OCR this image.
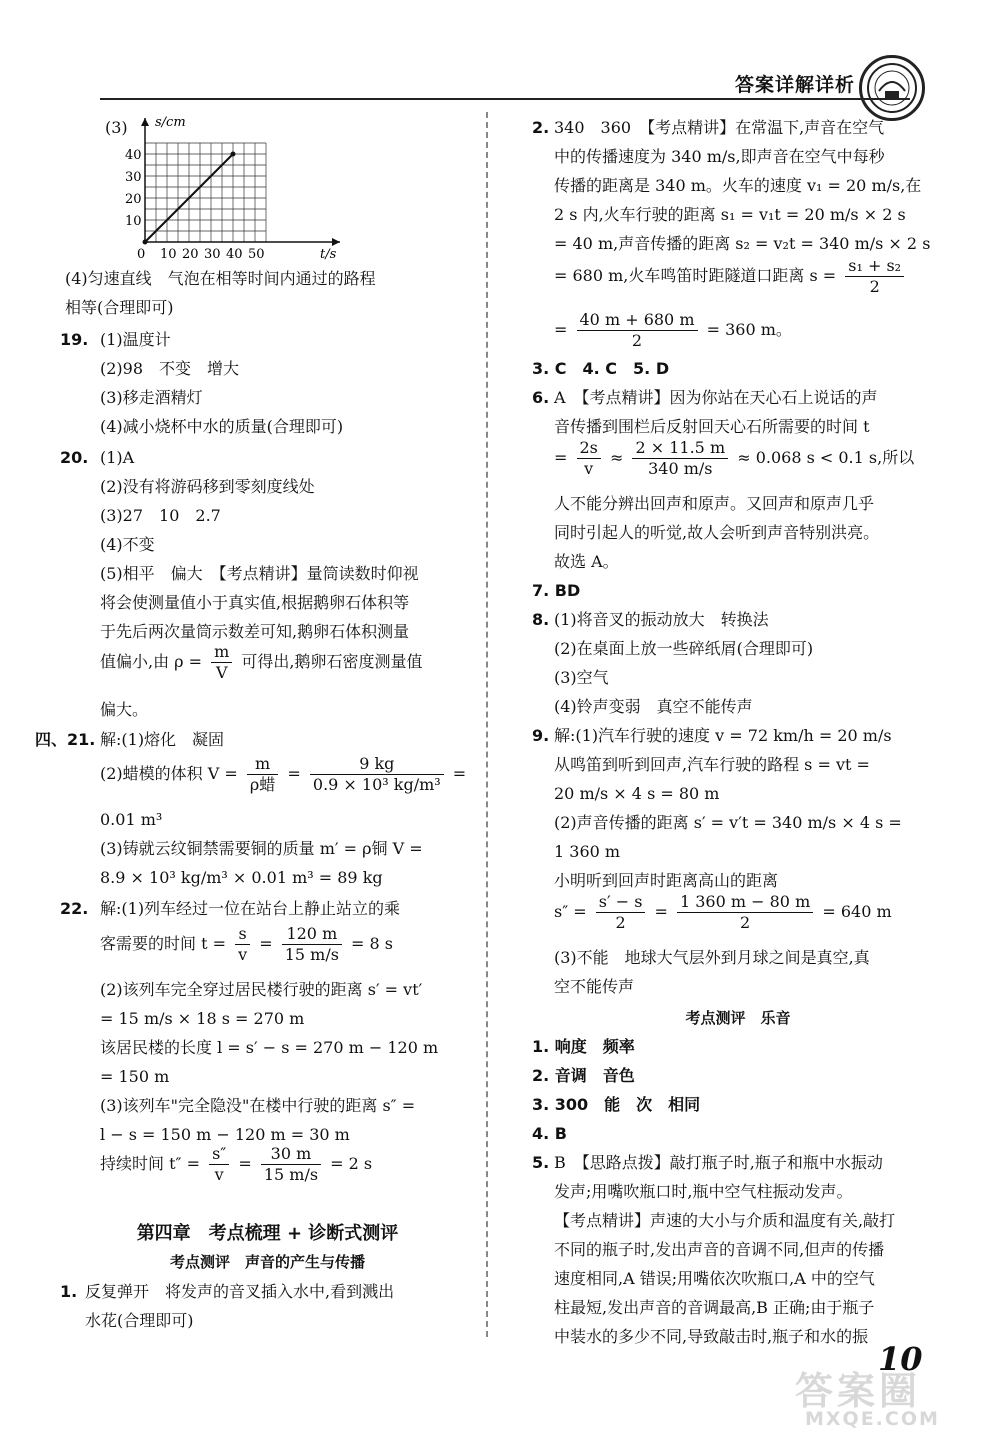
答案详解详析
(3) s/cm
t/s
0
40
30
20
10
10 20 30 40 50
(4)匀速直线　气泡在相等时间内通过的路程
相等(合理即可)
19. (1)温度计
(2)98　不变　增大
(3)移走酒精灯
(4)减小烧杯中水的质量(合理即可)
20. (1)A
(2)没有将游码移到零刻度线处
(3)27　10　2.7
(4)不变
(5)相平　偏大　【考点精讲】量筒读数时仰视
将会使测量值小于真实值,根据鹅卵石体积等
于先后两次量筒示数差可知,鹅卵石体积测量
值偏小,由 $\rho = \frac{m}{V}$ 可得出,鹅卵石密度测量值
偏大。
四、21. 解:(1)熔化　凝固
(2)蜡模的体积 $V = \frac{m}{\text{ρ蜡}} = \frac{9 kg}{\text{0.9 × 10³ kg/m³}}$ =
0.01 m³
(3)铸就云纹铜禁需要铜的质量 m′ = ρ铜 V =
8.9 × 10³ kg/m³ × 0.01 m³ = 89 kg
22. 解:(1)列车经过一位在站台上静止站立的乘
客需要的时间 $t = \frac{s}{v} = \frac{120 m}{15 m/s} = 8$ s
(2)该列车完全穿过居民楼行驶的距离 s′ = vt′
= 15 m/s × 18 s = 270 m
该居民楼的长度 l = s′ − s = 270 m − 120 m
= 150 m
(3)该列车"完全隐没"在楼中行驶的距离 s″ =
l − s = 150 m − 120 m = 30 m
持续时间 $t'' = \frac{s''}{v} = \frac{30 m}{15 m/s} = 2$ s
第四章　考点梳理 + 诊断式测评
考点测评　声音的产生与传播
1. 反复弹开　将发声的音叉插入水中,看到溅出
水花(合理即可)
2. 340　360　【考点精讲】在常温下,声音在空气
中的传播速度为 340 m/s,即声音在空气中每秒
传播的距离是 340 m。火车的速度 v₁ = 20 m/s,在
2 s 内,火车行驶的距离 s₁ = v₁t = 20 m/s × 2 s
= 40 m,声音传播的距离 s₂ = v₂t = 340 m/s × 2 s
= 680 m,火车鸣笛时距隧道口距离 $s = \frac{\text{s₁ + s₂}}{2}$
= $\frac{40 m + 680 m}{2} = 360$ m。
3. C　4. C　5. D
6. A　【考点精讲】因为你站在天心石上说话的声
音传播到围栏后反射回天心石所需要的时间 t
= $\frac{2s}{v} \approx \frac{2 \times 11.5 m}{340 m/s} \approx 0.068$ s < 0.1 s,所以
人不能分辨出回声和原声。又回声和原声几乎
同时引起人的听觉,故人会听到声音特别洪亮。
故选 A。
7. BD
8. (1)将音叉的振动放大　转换法
(2)在桌面上放一些碎纸屑(合理即可)
(3)空气
(4)铃声变弱　真空不能传声
9. 解:(1)汽车行驶的速度 v = 72 km/h = 20 m/s
从鸣笛到听到回声,汽车行驶的路程 s = vt =
20 m/s × 4 s = 80 m
(2)声音传播的距离 s′ = v′t = 340 m/s × 4 s =
1 360 m
小明听到回声时距离高山的距离
$s'' = \frac{s' - s}{2} = \frac{1 360 m - 80 m}{2} = 640$ m
(3)不能　地球大气层外到月球之间是真空,真
空不能传声
考点测评　乐音
1. 响度　频率
2. 音调　音色
3. 300　能　次　相同
4. B
5. B　【思路点拨】敲打瓶子时,瓶子和瓶中水振动
发声;用嘴吹瓶口时,瓶中空气柱振动发声。
【考点精讲】声速的大小与介质和温度有关,敲打
不同的瓶子时,发出声音的音调不同,但声的传播
速度相同,A 错误;用嘴依次吹瓶口,A 中的空气
柱最短,发出声音的音调最高,B 正确;由于瓶子
中装水的多少不同,导致敲击时,瓶子和水的振
10
答案圈
MXQE.COM
